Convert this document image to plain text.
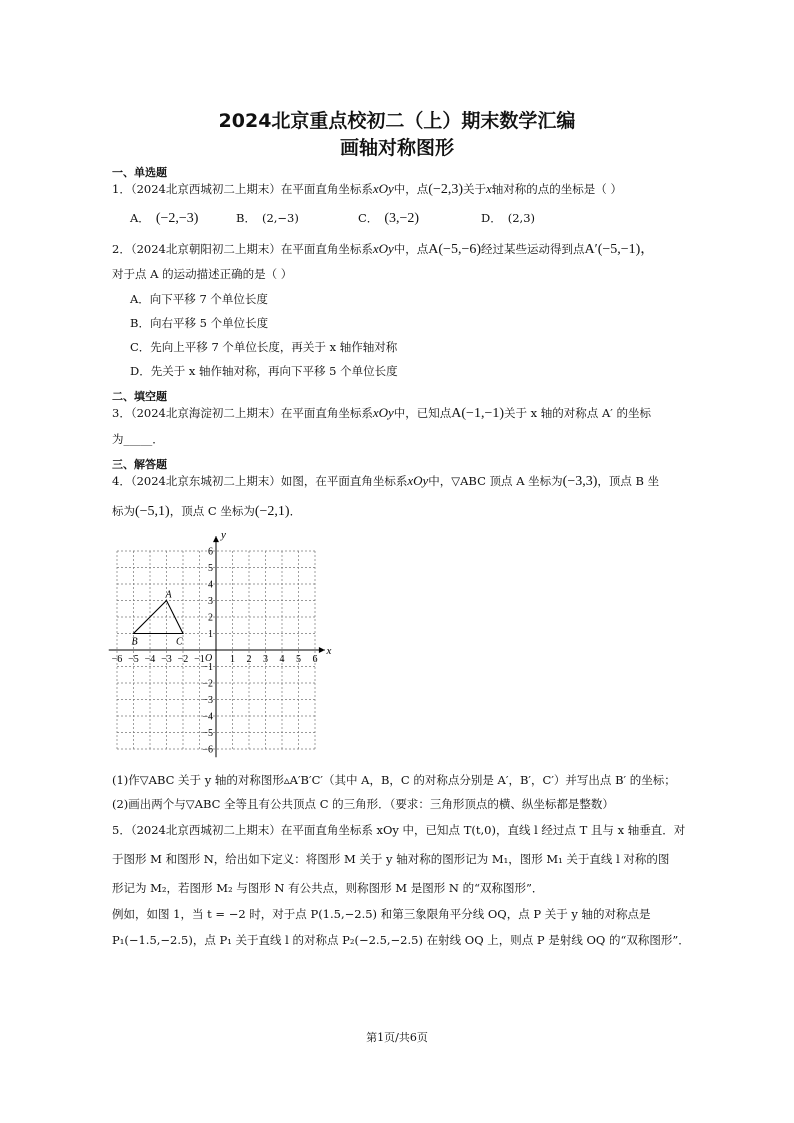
2024北京重点校初二（上）期末数学汇编
画轴对称图形
一、单选题
1．（2024北京西城初二上期末）在平面直角坐标系xOy中，点(−2,3)关于x轴对称的点的坐标是（ ）
A． (−2,−3)	B． (2,−3)	C． (3,−2)	D． (2,3)
2．（2024北京朝阳初二上期末）在平面直角坐标系xOy中，点A(−5,−6)经过某些运动得到点A′(−5,−1)，
对于点 A 的运动描述正确的是（ ）
A．向下平移 7 个单位长度
B．向右平移 5 个单位长度
C．先向上平移 7 个单位长度，再关于 x 轴作轴对称
D．先关于 x 轴作轴对称，再向下平移 5 个单位长度
二、填空题
3．（2024北京海淀初二上期末）在平面直角坐标系xOy中，已知点A(−1,−1)关于 x 轴的对称点 A′ 的坐标
为_____．
三、解答题
4．（2024北京东城初二上期末）如图，在平面直角坐标系xOy中，▽ABC 顶点 A 坐标为(−3,3)，顶点 B 坐
标为(−5,1)，顶点 C 坐标为(−2,1)．
x
y
O
−6 −5 −4 −3 −2 −1	1 2 3 4 5 6
6
5
4
3
2
1
−1
−2
−3
−4
−5
−6
A
B	C
(1)作▽ABC 关于 y 轴的对称图形▵A′B′C′（其中 A，B，C 的对称点分别是 A′，B′，C′）并写出点 B′ 的坐标；
(2)画出两个与▽ABC 全等且有公共顶点 C 的三角形．（要求：三角形顶点的横、纵坐标都是整数）
5．（2024北京西城初二上期末）在平面直角坐标系 xOy 中，已知点 T(t,0)，直线 l 经过点 T 且与 x 轴垂直．对
于图形 M 和图形 N，给出如下定义：将图形 M 关于 y 轴对称的图形记为 M₁，图形 M₁ 关于直线 l 对称的图
形记为 M₂，若图形 M₂ 与图形 N 有公共点，则称图形 M 是图形 N 的“双称图形”．
例如，如图 1，当 t = −2 时，对于点 P(1.5,−2.5) 和第三象限角平分线 OQ，点 P 关于 y 轴的对称点是
P₁(−1.5,−2.5)，点 P₁ 关于直线 l 的对称点 P₂(−2.5,−2.5) 在射线 OQ 上，则点 P 是射线 OQ 的“双称图形”．
第1页/共6页
